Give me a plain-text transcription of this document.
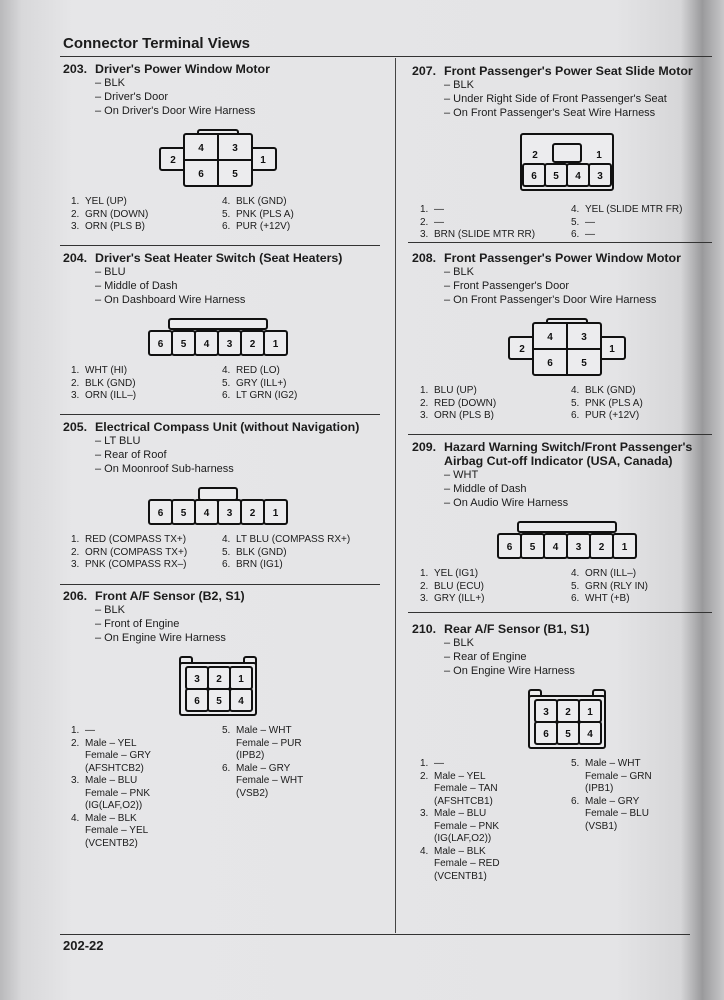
Connector Terminal Views
203. Driver's Power Window Motor
– BLK
– Driver's Door
– On Driver's Door Wire Harness
2
4	3
6	5
1
1. YEL (UP)
2. GRN (DOWN)
3. ORN (PLS B)
4. BLK (GND)
5. PNK (PLS A)
6. PUR (+12V)
204. Driver's Seat Heater Switch (Seat Heaters)
– BLU
– Middle of Dash
– On Dashboard Wire Harness
6 5 4 3 2 1
1. WHT (HI)
2. BLK (GND)
3. ORN (ILL–)
4. RED (LO)
5. GRY (ILL+)
6. LT GRN (IG2)
205. Electrical Compass Unit (without Navigation)
– LT BLU
– Rear of Roof
– On Moonroof Sub-harness
6 5 4 3 2 1
1. RED (COMPASS TX+)
2. ORN (COMPASS TX+)
3. PNK (COMPASS RX–)
4. LT BLU (COMPASS RX+)
5. BLK (GND)
6. BRN (IG1)
206. Front A/F Sensor (B2, S1)
– BLK
– Front of Engine
– On Engine Wire Harness
3 2 1
6 5 4
1. —
2. Male – YEL
Female – GRY
(AFSHTCB2)
3. Male – BLU
Female – PNK
(IG(LAF,O2))
4. Male – BLK
Female – YEL
(VCENTB2)
5. Male – WHT
Female – PUR
(IPB2)
6. Male – GRY
Female – WHT
(VSB2)
207. Front Passenger's Power Seat Slide Motor
– BLK
– Under Right Side of Front Passenger's Seat
– On Front Passenger's Seat Wire Harness
2	1
6 5 4 3
1. —
2. —
3. BRN (SLIDE MTR RR)
4. YEL (SLIDE MTR FR)
5. —
6. —
208. Front Passenger's Power Window Motor
– BLK
– Front Passenger's Door
– On Front Passenger's Door Wire Harness
2
4	3
6	5
1
1. BLU (UP)
2. RED (DOWN)
3. ORN (PLS B)
4. BLK (GND)
5. PNK (PLS A)
6. PUR (+12V)
209. Hazard Warning Switch/Front Passenger's Airbag Cut-off Indicator (USA, Canada)
– WHT
– Middle of Dash
– On Audio Wire Harness
6 5 4 3 2 1
1. YEL (IG1)
2. BLU (ECU)
3. GRY (ILL+)
4. ORN (ILL–)
5. GRN (RLY IN)
6. WHT (+B)
210. Rear A/F Sensor (B1, S1)
– BLK
– Rear of Engine
– On Engine Wire Harness
3 2 1
6 5 4
1. —
2. Male – YEL
Female – TAN
(AFSHTCB1)
3. Male – BLU
Female – PNK
(IG(LAF,O2))
4. Male – BLK
Female – RED
(VCENTB1)
5. Male – WHT
Female – GRN
(IPB1)
6. Male – GRY
Female – BLU
(VSB1)
202-22
